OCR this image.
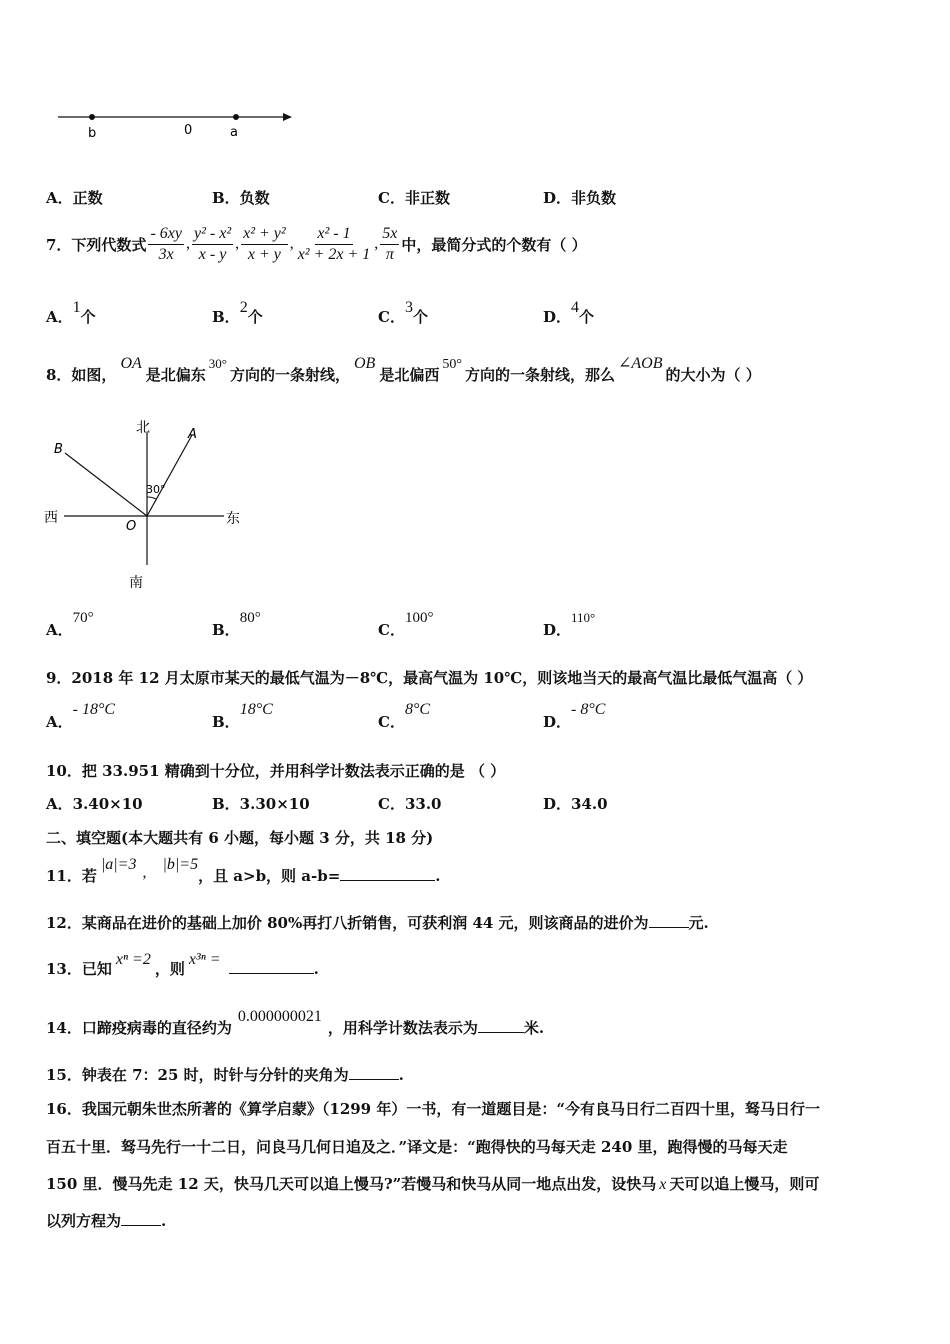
b	0	a
A．正数	B．负数	C．非正数	D．非负数
7．下列代数式 $\frac{- 6xy}{3x}$ , $\frac{\text{y² - x²}}{x - y}$ , $\frac{\text{x² + y²}}{x + y}$ , $\frac{\text{x² - 1}}{\text{x² + 2x + 1}}$ , $\frac{5x}{\pi}$ 中，最简分式的个数有（ ）
A．1个	B．2个	C．3个	D．4个
8．如图，OA是北偏东30°方向的一条射线，OB是北偏西50°方向的一条射线，那么∠AOB的大小为（ ）
北
南
西	东
A
B
O
30°
A．70°
B．80°
C．100°
D．110°
9．2018 年 12 月太原市某天的最低气温为－8℃，最高气温为 10℃，则该地当天的最高气温比最低气温高（ ）
A．- 18°C
B．18°C
C．8°C
D．- 8°C
10．把 33.951 精确到十分位，并用科学计数法表示正确的是 （ ）
A．3.40×10	B．3.30×10	C．33.0	D．34.0
二、填空题(本大题共有 6 小题，每小题 3 分，共 18 分)
11．若|a|=3 , |b|=5，且 a>b，则 a-b=	.
12．某商品在进价的基础上加价 80%再打八折销售，可获利润 44 元，则该商品的进价为	元.
13．已知xⁿ =2，则x³ⁿ =.
14．口蹄疫病毒的直径约为0.000000021，用科学计数法表示为	米.
15．钟表在 7：25 时，时针与分针的夹角为	.
16．我国元朝朱世杰所著的《算学启蒙》（1299 年）一书，有一道题目是：“今有良马日行二百四十里，驽马日行一
百五十里．驽马先行一十二日，问良马几何日追及之．”译文是：“跑得快的马每天走 240 里，跑得慢的马每天走
150 里．慢马先走 12 天，快马几天可以追上慢马?”若慢马和快马从同一地点出发，设快马 x 天可以追上慢马，则可
以列方程为	.
